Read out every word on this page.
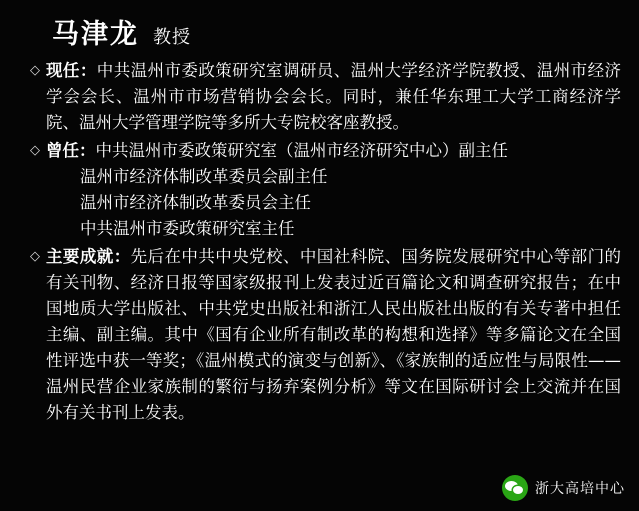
马津龙 教授
◇ 现任：中共温州市委政策研究室调研员、温州大学经济学院教授、温州市经济学会会长、温州市市场营销协会会长。同时，兼任华东理工大学工商经济学院、温州大学管理学院等多所大专院校客座教授。
◇ 曾任：中共温州市委政策研究室（温州市经济研究中心）副主任
温州市经济体制改革委员会副主任
温州市经济体制改革委员会主任
中共温州市委政策研究室主任
◇ 主要成就：先后在中共中央党校、中国社科院、国务院发展研究中心等部门的有关刊物、经济日报等国家级报刊上发表过近百篇论文和调查研究报告；在中国地质大学出版社、中共党史出版社和浙江人民出版社出版的有关专著中担任主编、副主编。其中《国有企业所有制改革的构想和选择》等多篇论文在全国性评选中获一等奖；《温州模式的演变与创新》、《家族制的适应性与局限性——温州民营企业家族制的繁衍与扬弃案例分析》等文在国际研讨会上交流并在国外有关书刊上发表。
浙大高培中心
